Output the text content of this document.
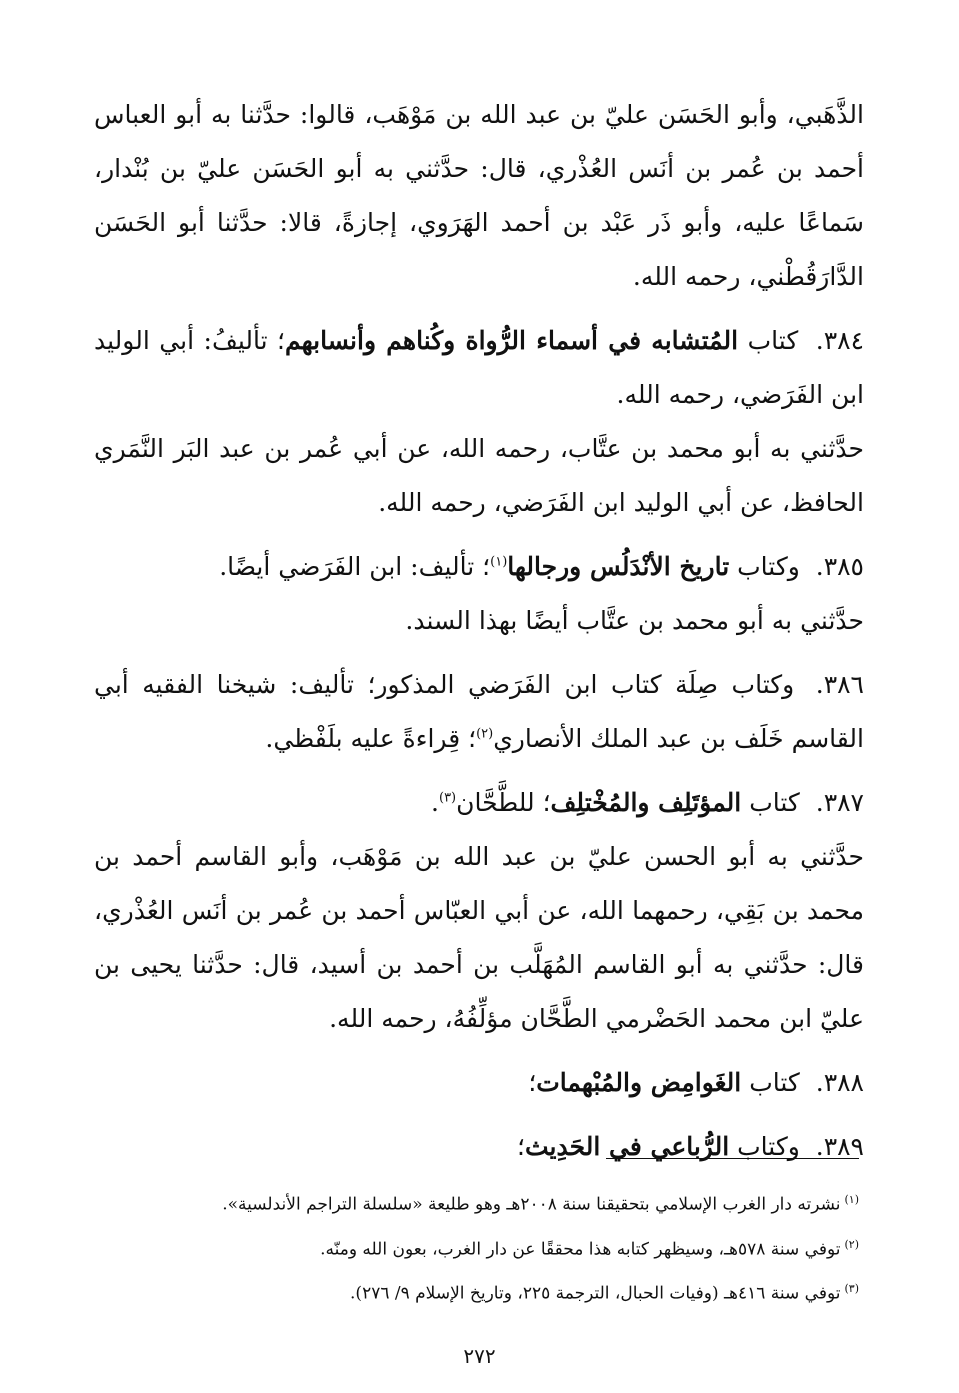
الذَّهَبي، وأبو الحَسَن عليّ بن عبد الله بن مَوْهَب، قالوا: حدَّثنا به أبو العباس أحمد بن عُمر بن أنَس العُذْري، قال: حدَّثني به أبو الحَسَن عليّ بن بُنْدار، سَماعًا عليه، وأبو ذَر عَبْد بن أحمد الهَرَوي، إجازةً، قالا: حدَّثنا أبو الحَسَن الدَّارَقُطْني، رحمه الله.

٣٨٤. كتاب المُتشابه في أسماء الرُّواة وكُناهم وأنسابهم؛ تأليفُ: أبي الوليد ابن الفَرَضي، رحمه الله.

حدَّثني به أبو محمد بن عتَّاب، رحمه الله، عن أبي عُمر بن عبد البَر النَّمَري الحافظ، عن أبي الوليد ابن الفَرَضي، رحمه الله.

٣٨٥. وكتاب تاريخ الأنْدَلُس ورجالها$^{(١)}$؛ تأليف: ابن الفَرَضي أيضًا.

حدَّثني به أبو محمد بن عتَّاب أيضًا بهذا السند.

٣٨٦. وكتاب صِلَة كتاب ابن الفَرَضي المذكور؛ تأليف: شيخنا الفقيه أبي القاسم خَلَف بن عبد الملك الأنصاري$^{(٢)}$؛ قِراءةً عليه بلَفْظي.

٣٨٧. كتاب المؤتَلِف والمُخْتلِف؛ للطَّحَّان$^{(٣)}$.

حدَّثني به أبو الحسن عليّ بن عبد الله بن مَوْهَب، وأبو القاسم أحمد بن محمد بن بَقِي، رحمهما الله، عن أبي العبّاس أحمد بن عُمر بن أنَس العُذْري، قال: حدَّثني به أبو القاسم المُهَلَّب بن أحمد بن أسيد، قال: حدَّثنا يحيى بن عليّ ابن محمد الحَضْرمي الطَّحَّان مؤلِّفُهُ، رحمه الله.

٣٨٨. كتاب الغَوامِض والمُبْهمات؛

٣٨٩. وكتاب الرُّباعي في الحَدِيث؛

$^{(١)}$نشرته دار الغرب الإسلامي بتحقيقنا سنة ٢٠٠٨هـ وهو طليعة «سلسلة التراجم الأندلسية».

$^{(٢)}$توفي سنة ٥٧٨هـ، وسيظهر كتابه هذا محققًا عن دار الغرب، بعون الله ومنّه.

$^{(٣)}$توفي سنة ٤١٦هـ (وفيات الحبال، الترجمة ٢٢٥، وتاريخ الإسلام ٩/ ٢٧٦).

٢٧٢
